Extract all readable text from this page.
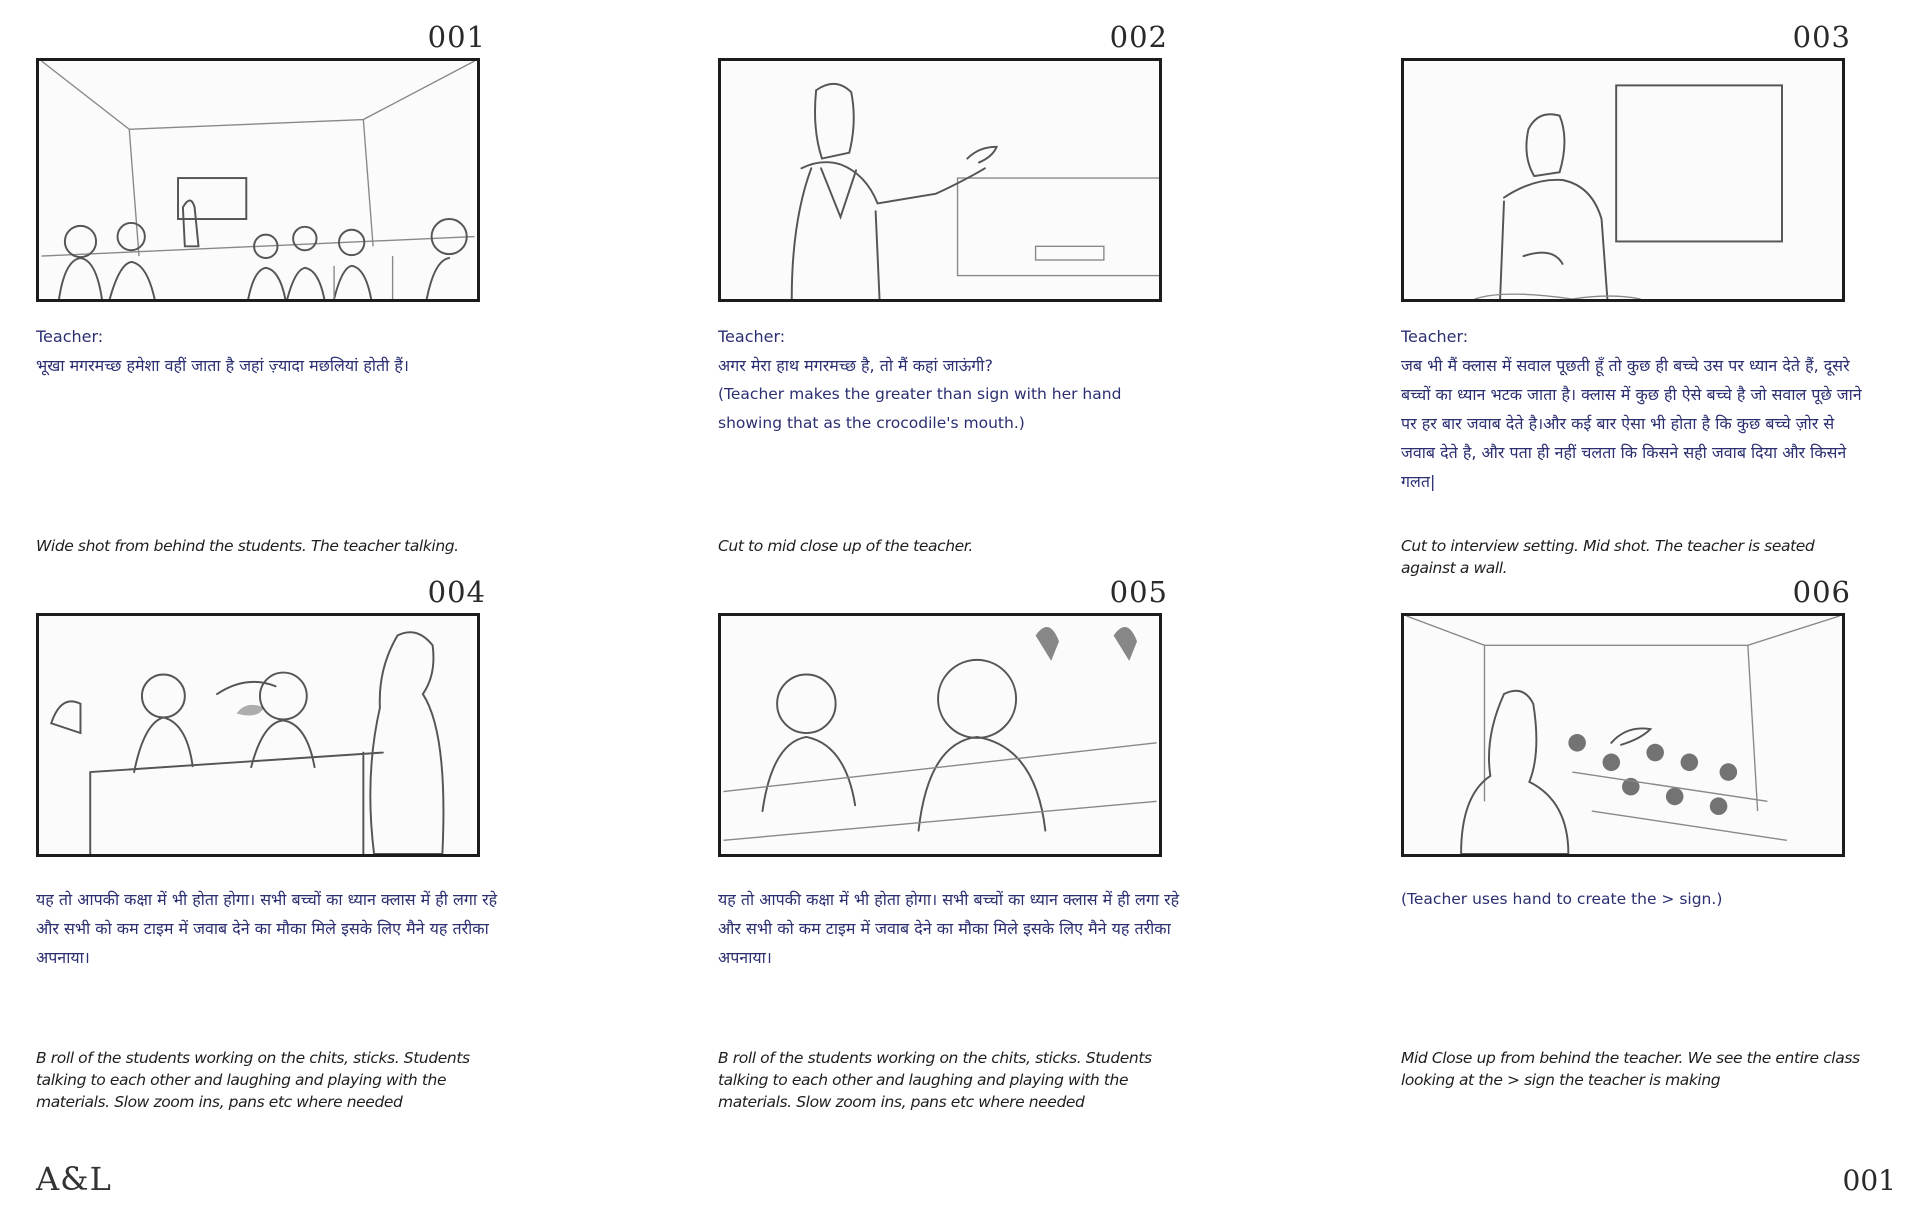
001
Teacher:
भूखा मगरमच्छ हमेशा वहीं जाता है जहां ज़्यादा मछलियां होती हैं।

Wide shot from behind the students. The teacher talking.

002
Teacher:
अगर मेरा हाथ मगरमच्छ है, तो मैं कहां जाऊंगी?
(Teacher makes the greater than sign with her hand showing that as the crocodile's mouth.)

Cut to mid close up of the teacher.

003
Teacher:
जब भी मैं क्लास में सवाल पूछती हूँ तो कुछ ही बच्चे उस पर ध्यान देते हैं, दूसरे बच्चों का ध्यान भटक जाता है। क्लास में कुछ ही ऐसे बच्चे है जो सवाल पूछे जाने पर हर बार जवाब देते है।और कई बार ऐसा भी होता है कि कुछ बच्चे ज़ोर से जवाब देते है, और पता ही नहीं चलता कि किसने सही जवाब दिया और किसने गलत|

Cut to interview setting. Mid shot. The teacher is seated against a wall.

004
यह तो आपकी कक्षा में भी होता होगा। सभी बच्चों का ध्यान क्लास में ही लगा रहे और सभी को कम टाइम में जवाब देने का मौका मिले इसके लिए मैने यह तरीका अपनाया।

B roll of the students working on the chits, sticks. Students talking to each other and laughing and playing with the materials. Slow zoom ins, pans etc where needed

005
यह तो आपकी कक्षा में भी होता होगा। सभी बच्चों का ध्यान क्लास में ही लगा रहे और सभी को कम टाइम में जवाब देने का मौका मिले इसके लिए मैने यह तरीका अपनाया।

B roll of the students working on the chits, sticks. Students talking to each other and laughing and playing with the materials. Slow zoom ins, pans etc where needed

006
(Teacher uses hand to create the > sign.)

Mid Close up from behind the teacher. We see the entire class looking at the > sign the teacher is making

A&L	001
